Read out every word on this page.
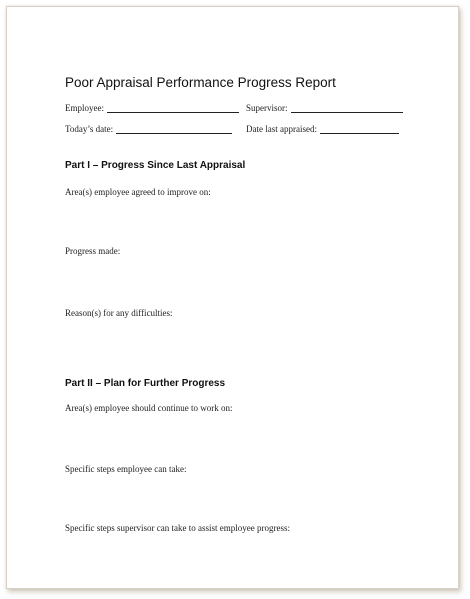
Poor Appraisal Performance Progress Report
Employee:	Supervisor:
Today’s date:	Date last appraised:
Part I – Progress Since Last Appraisal
Area(s) employee agreed to improve on:
Progress made:
Reason(s) for any difficulties:
Part II – Plan for Further Progress
Area(s) employee should continue to work on:
Specific steps employee can take:
Specific steps supervisor can take to assist employee progress:
